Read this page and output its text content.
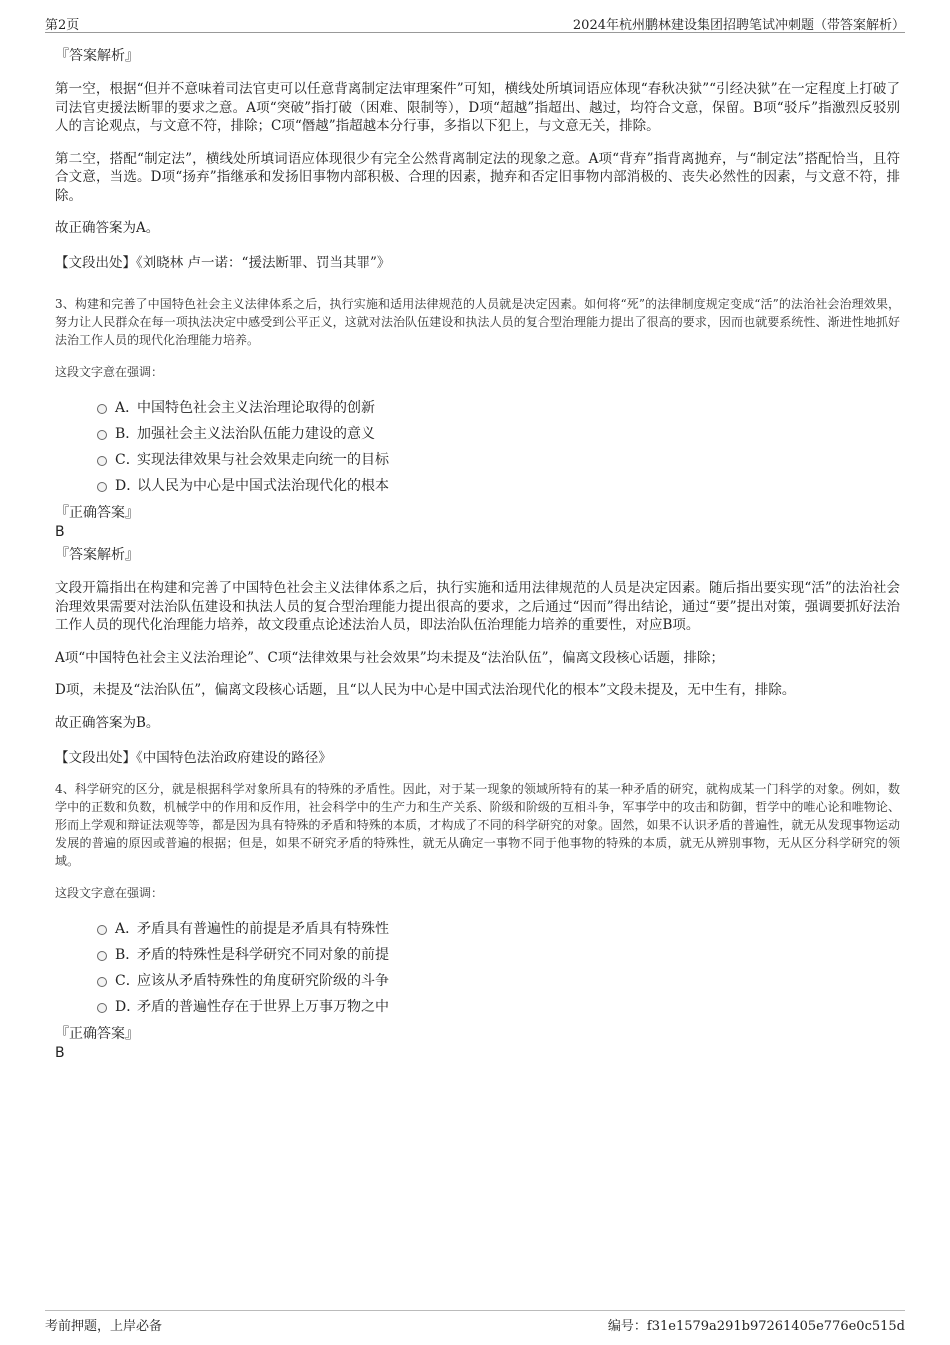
第2页	2024年杭州鹏林建设集团招聘笔试冲刺题（带答案解析）

『答案解析』

第一空，根据“但并不意味着司法官吏可以任意背离制定法审理案件”可知，横线处所填词语应体现“春秋决狱”“引经决狱”在一定程度上打破了司法官吏援法断罪的要求之意。A项“突破”指打破（困难、限制等），D项“超越”指超出、越过，均符合文意，保留。B项“驳斥”指激烈反驳别人的言论观点，与文意不符，排除；C项“僭越”指超越本分行事，多指以下犯上，与文意无关，排除。

第二空，搭配“制定法”，横线处所填词语应体现很少有完全公然背离制定法的现象之意。A项“背弃”指背离抛弃，与“制定法”搭配恰当，且符合文意，当选。D项“扬弃”指继承和发扬旧事物内部积极、合理的因素，抛弃和否定旧事物内部消极的、丧失必然性的因素，与文意不符，排除。

故正确答案为A。

【文段出处】《刘晓林 卢一诺：“援法断罪、罚当其罪”》

3、构建和完善了中国特色社会主义法律体系之后，执行实施和适用法律规范的人员就是决定因素。如何将“死”的法律制度规定变成“活”的法治社会治理效果，努力让人民群众在每一项执法决定中感受到公平正义，这就对法治队伍建设和执法人员的复合型治理能力提出了很高的要求，因而也就要系统性、渐进性地抓好法治工作人员的现代化治理能力培养。

这段文字意在强调：

A．中国特色社会主义法治理论取得的创新
B．加强社会主义法治队伍能力建设的意义
C．实现法律效果与社会效果走向统一的目标
D．以人民为中心是中国式法治现代化的根本

『正确答案』

B

『答案解析』

文段开篇指出在构建和完善了中国特色社会主义法律体系之后，执行实施和适用法律规范的人员是决定因素。随后指出要实现“活”的法治社会治理效果需要对法治队伍建设和执法人员的复合型治理能力提出很高的要求，之后通过“因而”得出结论，通过“要”提出对策，强调要抓好法治工作人员的现代化治理能力培养，故文段重点论述法治人员，即法治队伍治理能力培养的重要性，对应B项。

A项“中国特色社会主义法治理论”、C项“法律效果与社会效果”均未提及“法治队伍”，偏离文段核心话题，排除；

D项，未提及“法治队伍”，偏离文段核心话题，且“以人民为中心是中国式法治现代化的根本”文段未提及，无中生有，排除。

故正确答案为B。

【文段出处】《中国特色法治政府建设的路径》

4、科学研究的区分，就是根据科学对象所具有的特殊的矛盾性。因此，对于某一现象的领域所特有的某一种矛盾的研究，就构成某一门科学的对象。例如，数学中的正数和负数，机械学中的作用和反作用，社会科学中的生产力和生产关系、阶级和阶级的互相斗争，军事学中的攻击和防御，哲学中的唯心论和唯物论、形而上学观和辩证法观等等，都是因为具有特殊的矛盾和特殊的本质，才构成了不同的科学研究的对象。固然，如果不认识矛盾的普遍性，就无从发现事物运动发展的普遍的原因或普遍的根据；但是，如果不研究矛盾的特殊性，就无从确定一事物不同于他事物的特殊的本质，就无从辨别事物，无从区分科学研究的领域。

这段文字意在强调：

A．矛盾具有普遍性的前提是矛盾具有特殊性
B．矛盾的特殊性是科学研究不同对象的前提
C．应该从矛盾特殊性的角度研究阶级的斗争
D．矛盾的普遍性存在于世界上万事万物之中

『正确答案』

B

考前押题，上岸必备	编号：f31e1579a291b97261405e776e0c515d
